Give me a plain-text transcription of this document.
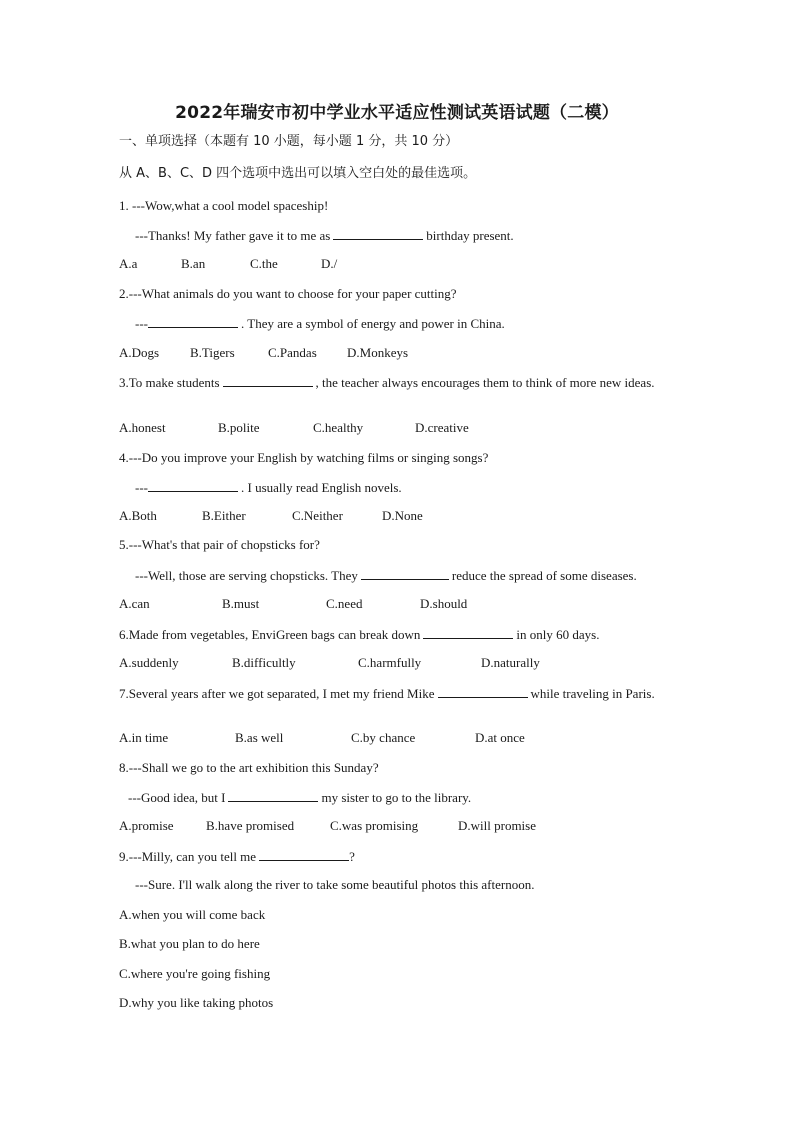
2022年瑞安市初中学业水平适应性测试英语试题（二模）
一、单项选择（本题有 10 小题，每小题 1 分，共 10 分）
从 A、B、C、D 四个选项中选出可以填入空白处的最佳选项。
1. ---Wow,what a cool model spaceship!
---Thanks! My father gave it to me as	birthday present.
A.a	B.an	C.the	D./
2.---What animals do you want to choose for your paper cutting?
---	. They are a symbol of energy and power in China.
A.Dogs B.Tigers	C.Pandas D.Monkeys
3.To make students	, the teacher always encourages them to think of more new ideas.
A.honest	B.polite	C.healthy	D.creative
4.---Do you improve your English by watching films or singing songs?
---	. I usually read English novels.
A.Both	B.Either	C.Neither	D.None
5.---What's that pair of chopsticks for?
---Well, those are serving chopsticks. They	reduce the spread of some diseases.
A.can	B.must	C.need	D.should
6.Made from vegetables, EnviGreen bags can break down	in only 60 days.
A.suddenly	B.difficultly	C.harmfully	D.naturally
7.Several years after we got separated, I met my friend Mike	while traveling in Paris.
A.in time	B.as well	C.by chance	D.at once
8.---Shall we go to the art exhibition this Sunday?
---Good idea, but I	my sister to go to the library.
A.promise B.have promised	C.was promising	D.will promise
9.---Milly, can you tell me	?
---Sure. I'll walk along the river to take some beautiful photos this afternoon.
A.when you will come back
B.what you plan to do here
C.where you're going fishing
D.why you like taking photos
